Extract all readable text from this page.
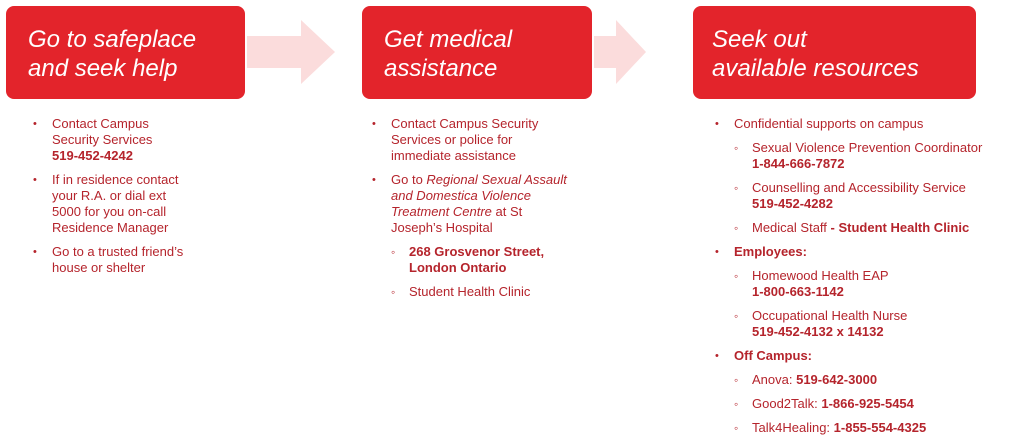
Go to safeplace
and seek help
Get medical
assistance
Seek out
available resources
• Contact Campus
Security Services
519-452-4242
• If in residence contact
your R.A. or dial ext
5000 for you on-call
Residence Manager
• Go to a trusted friend’s
house or shelter
• Contact Campus Security
Services or police for
immediate assistance
• Go to Regional Sexual Assault
and Domestica Violence
Treatment Centre at St
Joseph’s Hospital
◦ 268 Grosvenor Street,
London Ontario
◦ Student Health Clinic
• Confidential supports on campus
◦ Sexual Violence Prevention Coordinator
1-844-666-7872
◦ Counselling and Accessibility Service
519-452-4282
◦ Medical Staff - Student Health Clinic
• Employees:
◦ Homewood Health EAP
1-800-663-1142
◦ Occupational Health Nurse
519-452-4132 x 14132
• Off Campus:
◦ Anova: 519-642-3000
◦ Good2Talk: 1-866-925-5454
◦ Talk4Healing: 1-855-554-4325
